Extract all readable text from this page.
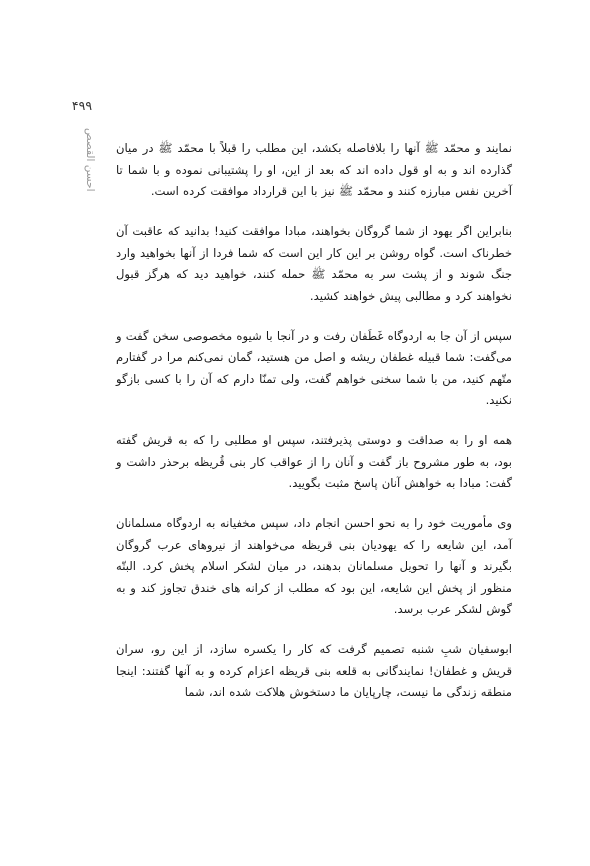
۴۹۹
احسن القصص نمایند و محمّد ﷺ آنها را بلافاصله بکشد، این مطلب را قبلاً با محمّد ﷺ در میان گذارده اند و به او قول داده اند که بعد از این، او را پشتیبانی نموده و با شما تا آخرین نفس مبارزه کنند و محمّد ﷺ نیز با این قرارداد موافقت کرده است.

بنابراین اگر یهود از شما گروگان بخواهند، مبادا موافقت کنید! بدانید که عاقبت آن خطرناک است. گواه روشن بر این کار این است که شما فردا از آنها بخواهید وارد جنگ شوند و از پشت سر به محمّد ﷺ حمله کنند، خواهید دید که هرگز قبول نخواهند کرد و مطالبی پیش خواهند کشید.

سپس از آن جا به اردوگاه غَطَفان رفت و در آنجا با شیوه مخصوصی سخن گفت و می‌گفت: شما قبیله غطفان ریشه و اصل من هستید، گمان نمی‌کنم مرا در گفتارم متّهم کنید، من با شما سخنی خواهم گفت، ولی تمنّا دارم که آن را با کسی بازگو نکنید.

همه او را به صداقت و دوستی پذیرفتند، سپس او مطلبی را که به قریش گفته بود، به طور مشروح باز گفت و آنان را از عواقب کار بنی قُریظه برحذر داشت و گفت: مبادا به خواهش آنان پاسخ مثبت بگویید.

وی مأموریت خود را به نحو احسن انجام داد، سپس مخفیانه به اردوگاه مسلمانان آمد، این شایعه را که یهودیان بنی قریظه می‌خواهند از نیروهای عرب گروگان بگیرند و آنها را تحویل مسلمانان بدهند، در میان لشکر اسلام پخش کرد. البتّه منظور از پخش این شایعه، این بود که مطلب از کرانه های خندق تجاوز کند و به گوش لشکر عرب برسد.

ابوسفیان شبِ شنبه تصمیم گرفت که کار را یکسره سازد، از این رو، سران قریش و غطفان! نمایندگانی به قلعه بنی قریظه اعزام کرده و به آنها گفتند: اینجا منطقه زندگی ما نیست، چارپایان ما دستخوش هلاکت شده اند، شما
